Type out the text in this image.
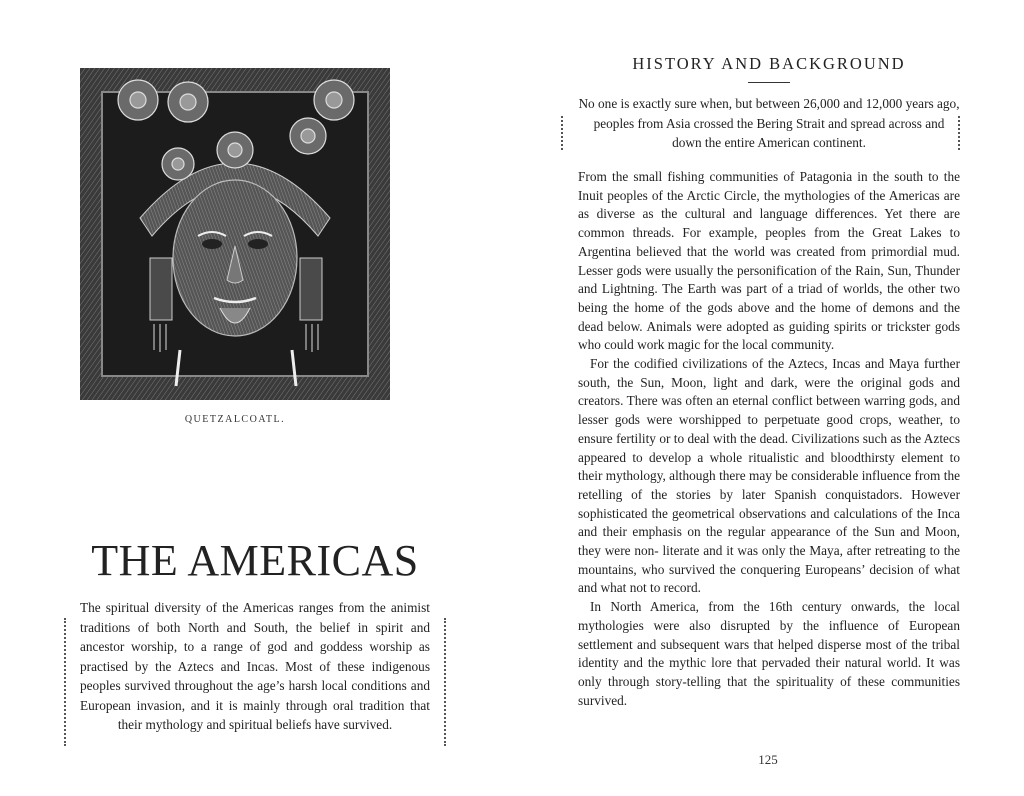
QUETZALCOATL.
THE AMERICAS
The spiritual diversity of the Americas ranges from the animist traditions of both North and South, the belief in spirit and ancestor worship, to a range of god and goddess worship as practised by the Aztecs and Incas. Most of these indigenous peoples survived throughout the age’s harsh local conditions and European invasion, and it is mainly through oral tradition that their mythology and spiritual beliefs have survived.
HISTORY AND BACKGROUND
No one is exactly sure when, but between 26,000 and 12,000 years ago, peoples from Asia crossed the Bering Strait and spread across and down the entire American continent.

From the small fishing communities of Patagonia in the south to the Inuit peoples of the Arctic Circle, the mythologies of the Americas are as diverse as the cultural and language differences. Yet there are common threads. For example, peoples from the Great Lakes to Argentina believed that the world was created from primordial mud. Lesser gods were usually the personification of the Rain, Sun, Thunder and Lightning. The Earth was part of a triad of worlds, the other two being the home of the gods above and the home of demons and the dead below. Animals were adopted as guiding spirits or trickster gods who could work magic for the local community.

For the codified civilizations of the Aztecs, Incas and Maya further south, the Sun, Moon, light and dark, were the original gods and creators. There was often an eternal conflict between warring gods, and lesser gods were worshipped to perpetuate good crops, weather, to ensure fertility or to deal with the dead. Civilizations such as the Aztecs appeared to develop a whole ritualistic and bloodthirsty element to their mythology, although there may be considerable influence from the retelling of the stories by later Spanish conquistadors. However sophisticated the geometrical observations and calculations of the Inca and their emphasis on the regular appearance of the Sun and Moon, they were non- literate and it was only the Maya, after retreating to the mountains, who survived the conquering Europeans’ decision of what and what not to record.

In North America, from the 16th century onwards, the local mythologies were also disrupted by the influence of European settlement and subsequent wars that helped disperse most of the tribal identity and the mythic lore that pervaded their natural world. It was only through story-telling that the spirituality of these communities survived.

125
